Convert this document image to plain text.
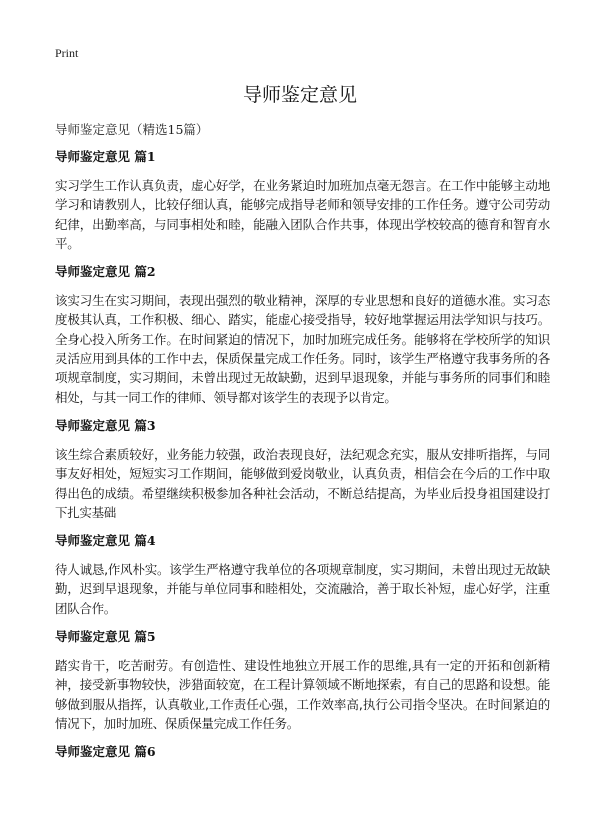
Print
导师鉴定意见
导师鉴定意见（精选15篇）
导师鉴定意见 篇1

实习学生工作认真负责，虚心好学，在业务紧迫时加班加点毫无怨言。在工作中能够主动地学习和请教别人，比较仔细认真，能够完成指导老师和领导安排的工作任务。遵守公司劳动纪律，出勤率高，与同事相处和睦，能融入团队合作共事，体现出学校较高的德育和智育水平。

导师鉴定意见 篇2

该实习生在实习期间，表现出强烈的敬业精神，深厚的专业思想和良好的道德水准。实习态度极其认真，工作积极、细心、踏实，能虚心接受指导，较好地掌握运用法学知识与技巧。全身心投入所务工作。在时间紧迫的情况下，加时加班完成任务。能够将在学校所学的知识灵活应用到具体的工作中去，保质保量完成工作任务。同时，该学生严格遵守我事务所的各项规章制度，实习期间，未曾出现过无故缺勤，迟到早退现象，并能与事务所的同事们和睦相处，与其一同工作的律师、领导都对该学生的表现予以肯定。

导师鉴定意见 篇3

该生综合素质较好，业务能力较强，政治表现良好，法纪观念充实，服从安排听指挥，与同事友好相处，短短实习工作期间，能够做到爱岗敬业，认真负责，相信会在今后的工作中取得出色的成绩。希望继续积极参加各种社会活动，不断总结提高，为毕业后投身祖国建设打下扎实基础

导师鉴定意见 篇4

待人诚恳,作风朴实。该学生严格遵守我单位的各项规章制度，实习期间，未曾出现过无故缺勤，迟到早退现象，并能与单位同事和睦相处，交流融洽，善于取长补短，虚心好学，注重团队合作。

导师鉴定意见 篇5

踏实肯干，吃苦耐劳。有创造性、建设性地独立开展工作的思维,具有一定的开拓和创新精神，接受新事物较快，涉猎面较宽，在工程计算领域不断地探索，有自己的思路和设想。能够做到服从指挥，认真敬业,工作责任心强，工作效率高,执行公司指令坚决。在时间紧迫的情况下，加时加班、保质保量完成工作任务。

导师鉴定意见 篇6
